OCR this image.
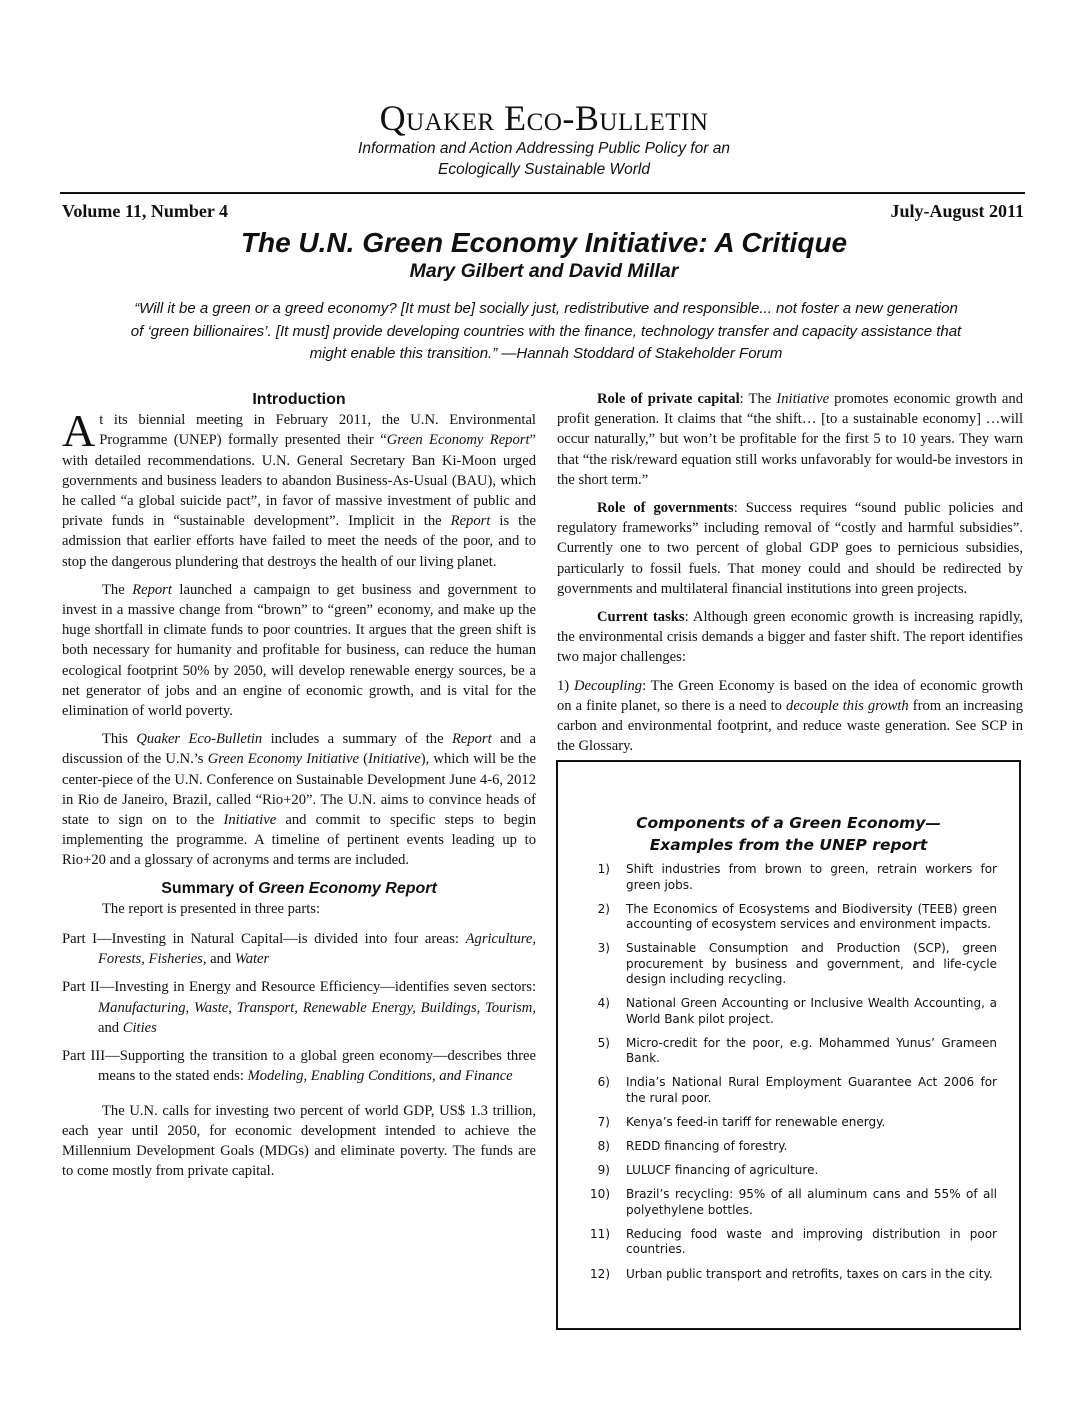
Quaker Eco-Bulletin
Information and Action Addressing Public Policy for an
Ecologically Sustainable World
Volume 11, Number 4	July-August 2011
The U.N. Green Economy Initiative: A Critique
Mary Gilbert and David Millar
“Will it be a green or a greed economy? [It must be] socially just, redistributive and responsible... not foster a new generation of ‘green billionaires’. [It must] provide developing countries with the finance, technology transfer and capacity assistance that might enable this transition.” —Hannah Stoddard of Stakeholder Forum
Introduction

At its biennial meeting in February 2011, the U.N. Environmental Programme (UNEP) formally presented their “Green Economy Report” with detailed recommendations. U.N. General Secretary Ban Ki-Moon urged governments and business leaders to abandon Business-As-Usual (BAU), which he called “a global suicide pact”, in favor of massive investment of public and private funds in “sustainable development”. Implicit in the Report is the admission that earlier efforts have failed to meet the needs of the poor, and to stop the dangerous plundering that destroys the health of our living planet.

The Report launched a campaign to get business and government to invest in a massive change from “brown” to “green” economy, and make up the huge shortfall in climate funds to poor countries. It argues that the green shift is both necessary for humanity and profitable for business, can reduce the human ecological footprint 50% by 2050, will develop renewable energy sources, be a net generator of jobs and an engine of economic growth, and is vital for the elimination of world poverty.

This Quaker Eco-Bulletin includes a summary of the Report and a discussion of the U.N.’s Green Economy Initiative (Initiative), which will be the center-piece of the U.N. Conference on Sustainable Development June 4-6, 2012 in Rio de Janeiro, Brazil, called “Rio+20”. The U.N. aims to convince heads of state to sign on to the Initiative and commit to specific steps to begin implementing the programme. A timeline of pertinent events leading up to Rio+20 and a glossary of acronyms and terms are included.

Summary of Green Economy Report

The report is presented in three parts:

Part I—Investing in Natural Capital—is divided into four areas: Agriculture, Forests, Fisheries, and Water

Part II—Investing in Energy and Resource Efficiency—identifies seven sectors: Manufacturing, Waste, Transport, Renewable Energy, Buildings, Tourism, and Cities

Part III—Supporting the transition to a global green economy—describes three means to the stated ends: Modeling, Enabling Conditions, and Finance

The U.N. calls for investing two percent of world GDP, US$ 1.3 trillion, each year until 2050, for economic development intended to achieve the Millennium Development Goals (MDGs) and eliminate poverty. The funds are to come mostly from private capital.

Role of private capital: The Initiative promotes economic growth and profit generation. It claims that “the shift… [to a sustainable economy] …will occur naturally,” but won’t be profitable for the first 5 to 10 years. They warn that “the risk/reward equation still works unfavorably for would-be investors in the short term.”

Role of governments: Success requires “sound public policies and regulatory frameworks” including removal of “costly and harmful subsidies”. Currently one to two percent of global GDP goes to pernicious subsidies, particularly to fossil fuels. That money could and should be redirected by governments and multilateral financial institutions into green projects.

Current tasks: Although green economic growth is increasing rapidly, the environmental crisis demands a bigger and faster shift. The report identifies two major challenges:

1) Decoupling: The Green Economy is based on the idea of economic growth on a finite planet, so there is a need to decouple this growth from an increasing carbon and environmental footprint, and reduce waste generation. See SCP in the Glossary.

Components of a Green Economy—
Examples from the UNEP report
1)	Shift industries from brown to green, retrain workers for green jobs.
2)	The Economics of Ecosystems and Biodiversity (TEEB) green accounting of ecosystem services and environment impacts.
3)	Sustainable Consumption and Production (SCP), green procurement by business and government, and life-cycle design including recycling.
4)	National Green Accounting or Inclusive Wealth Accounting, a World Bank pilot project.
5)	Micro-credit for the poor, e.g. Mohammed Yunus’ Grameen Bank.
6)	India’s National Rural Employment Guarantee Act 2006 for the rural poor.
7)	Kenya’s feed-in tariff for renewable energy.
8)	REDD financing of forestry.
9)	LULUCF financing of agriculture.
10)	Brazil’s recycling: 95% of all aluminum cans and 55% of all polyethylene bottles.
11)	Reducing food waste and improving distribution in poor countries.
12)	Urban public transport and retrofits, taxes on cars in the city.
